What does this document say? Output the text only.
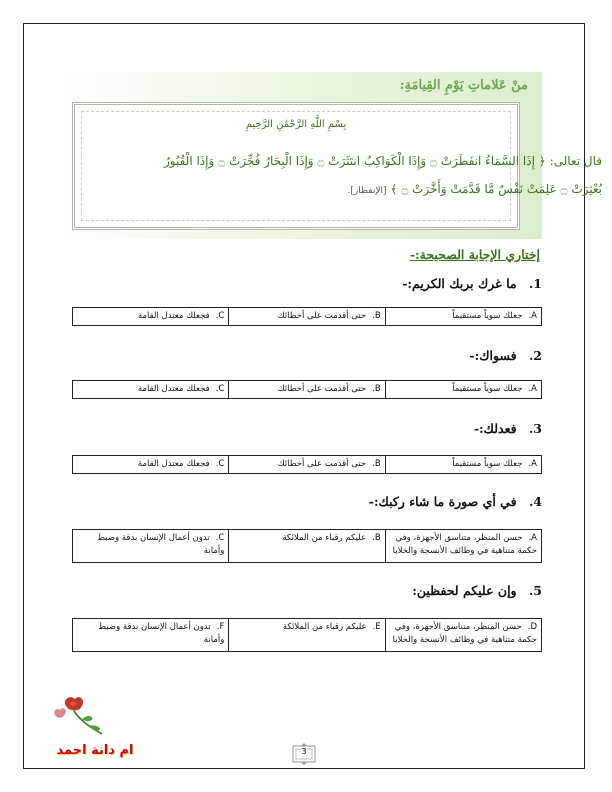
منْ عَلاماتِ يَوْمِ القِيامَةِ:
بِسْمِ اللَّهِ الرَّحْمَٰنِ الرَّحِيمِ
قال تعالى: ﴿ إِذَا السَّمَاءُ انفَطَرَتْ ۝ وَإِذَا الْكَوَاكِبُ انتَثَرَتْ ۝ وَإِذَا الْبِحَارُ فُجِّرَتْ ۝ وَإِذَا الْقُبُورُ
بُعْثِرَتْ ۝ عَلِمَتْ نَفْسٌ مَّا قَدَّمَتْ وَأَخَّرَتْ ۝ ﴾ [الإنفطار].
إختاري الإجابة الصحيحة:-
1. ما غرك بربك الكريم:-
A.جعلك سوياً مستقيماً	B.حتى أقدمت على أخطائك	C.فجعلك معتدل القامة
2. فسواك:-
A.جعلك سوياً مستقيماً	B.حتى أقدمت على أخطائك	C.فجعلك معتدل القامة
3. فعدلك:-
A.جعلك سوياً مستقيماً	B.حتى أقدمت على أخطائك	C.فجعلك معتدل القامة
4. في أي صورة ما شاء ركبك:-
A.حسن المنظر، متناسق الأجهزة، وفي حكمة متناهية في وظائف الأنسجة والخلايا	B.عليكم رقباء من الملائكة	C.تدون أعمال الإنسان بدقة وضبط وأمانة
5. وإن عليكم لحفظين:
D.حسن المنظر، متناسق الأجهزة، وفي حكمة متناهية في وظائف الأنسجة والخلايا	E.عليكم رقباء من الملائكة	F.تدون أعمال الإنسان بدقة وضبط وأمانة
ام دانة احمد	3
